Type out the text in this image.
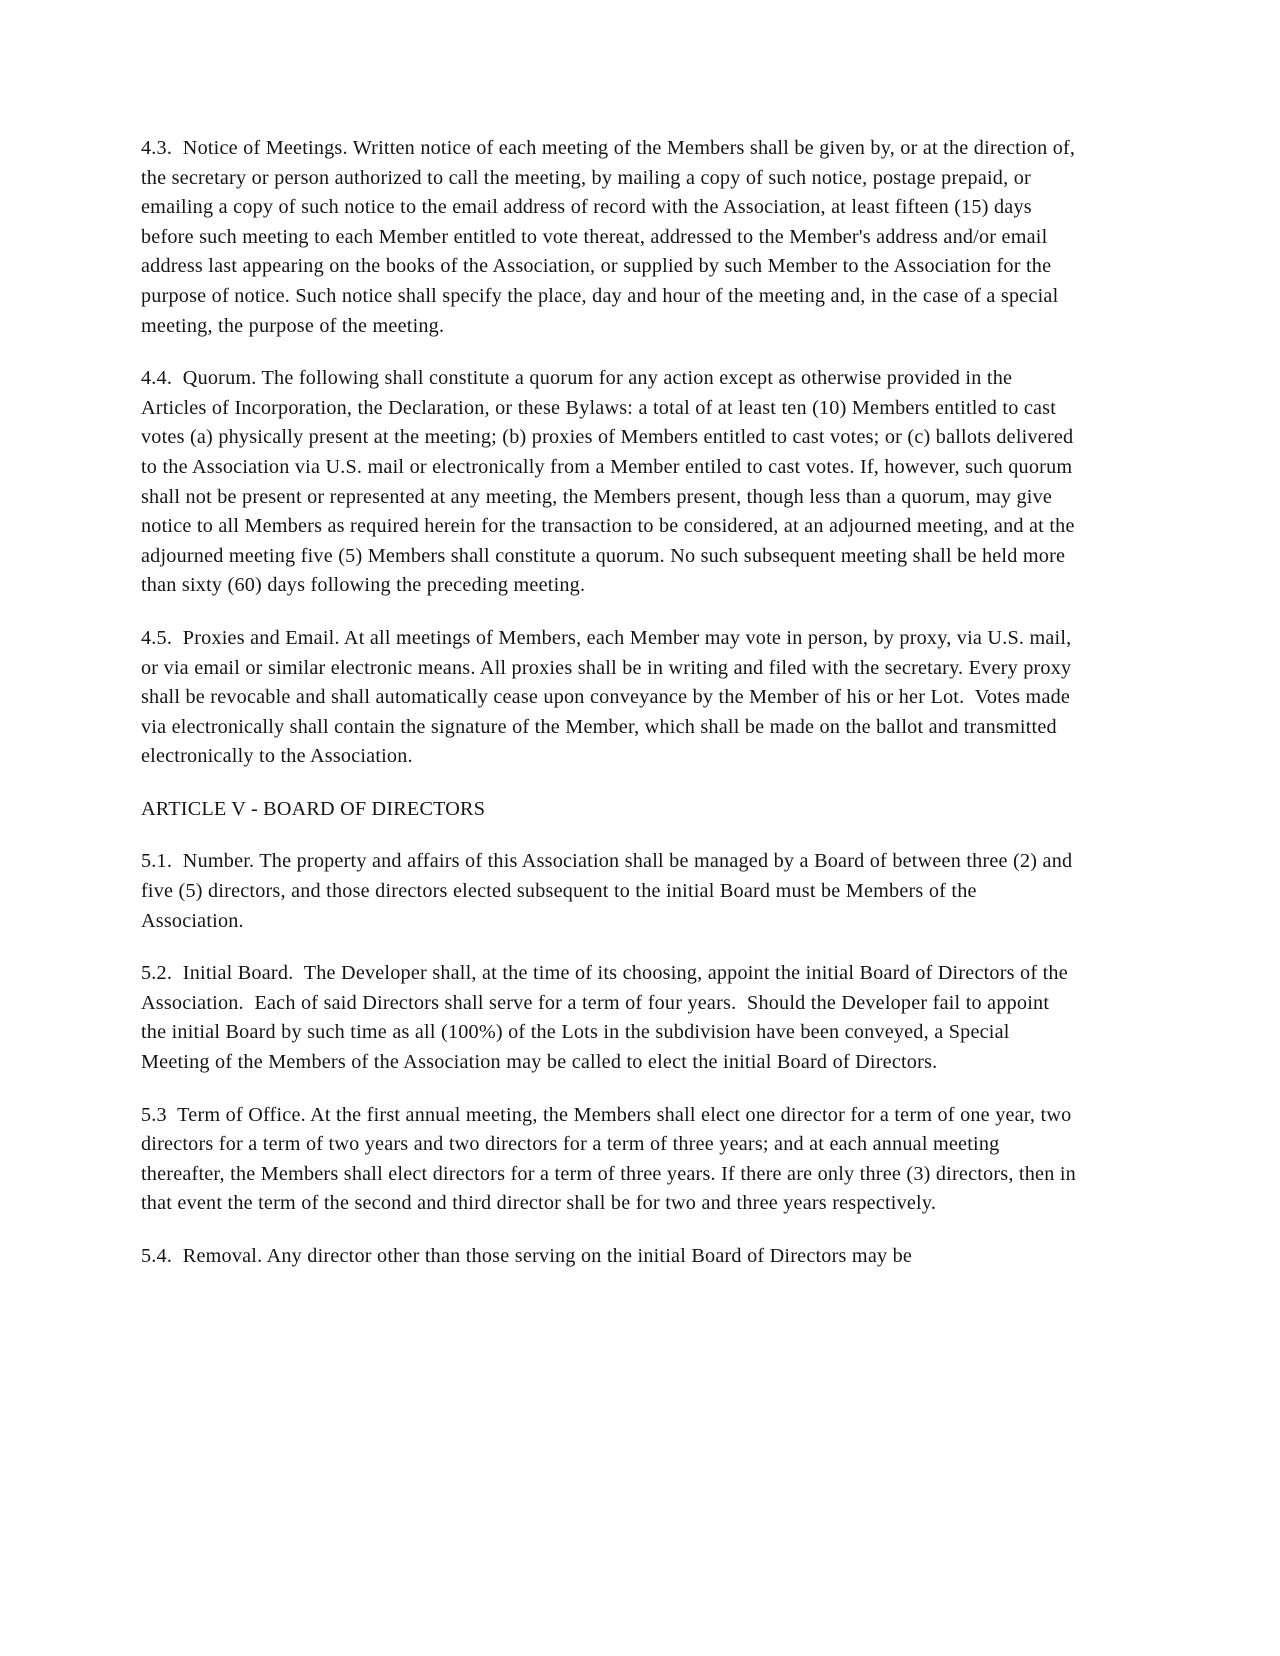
4.3.  Notice of Meetings. Written notice of each meeting of the Members shall be given by, or at the direction of, the secretary or person authorized to call the meeting, by mailing a copy of such notice, postage prepaid, or emailing a copy of such notice to the email address of record with the Association, at least fifteen (15) days before such meeting to each Member entitled to vote thereat, addressed to the Member's address and/or email address last appearing on the books of the Association, or supplied by such Member to the Association for the purpose of notice. Such notice shall specify the place, day and hour of the meeting and, in the case of a special meeting, the purpose of the meeting.

4.4.  Quorum. The following shall constitute a quorum for any action except as otherwise provided in the Articles of Incorporation, the Declaration, or these Bylaws: a total of at least ten (10) Members entitled to cast votes (a) physically present at the meeting; (b) proxies of Members entitled to cast votes; or (c) ballots delivered to the Association via U.S. mail or electronically from a Member entiled to cast votes. If, however, such quorum shall not be present or represented at any meeting, the Members present, though less than a quorum, may give notice to all Members as required herein for the transaction to be considered, at an adjourned meeting, and at the adjourned meeting five (5) Members shall constitute a quorum. No such subsequent meeting shall be held more than sixty (60) days following the preceding meeting.

4.5.  Proxies and Email. At all meetings of Members, each Member may vote in person, by proxy, via U.S. mail, or via email or similar electronic means. All proxies shall be in writing and filed with the secretary. Every proxy shall be revocable and shall automatically cease upon conveyance by the Member of his or her Lot.  Votes made via electronically shall contain the signature of the Member, which shall be made on the ballot and transmitted electronically to the Association.

ARTICLE V - BOARD OF DIRECTORS

5.1.  Number. The property and affairs of this Association shall be managed by a Board of between three (2) and five (5) directors, and those directors elected subsequent to the initial Board must be Members of the Association.

5.2.  Initial Board.  The Developer shall, at the time of its choosing, appoint the initial Board of Directors of the Association.  Each of said Directors shall serve for a term of four years.  Should the Developer fail to appoint the initial Board by such time as all (100%) of the Lots in the subdivision have been conveyed, a Special Meeting of the Members of the Association may be called to elect the initial Board of Directors.

5.3  Term of Office. At the first annual meeting, the Members shall elect one director for a term of one year, two directors for a term of two years and two directors for a term of three years; and at each annual meeting thereafter, the Members shall elect directors for a term of three years. If there are only three (3) directors, then in that event the term of the second and third director shall be for two and three years respectively.

5.4.  Removal. Any director other than those serving on the initial Board of Directors may be
